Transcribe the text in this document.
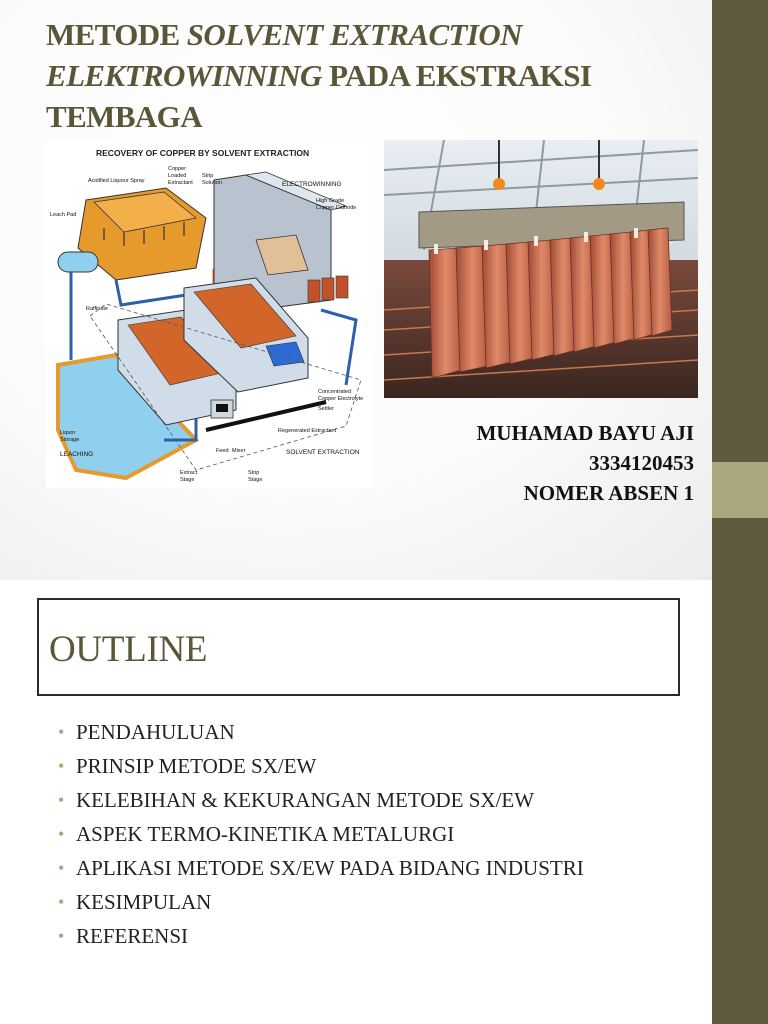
METODE SOLVENT EXTRACTION ELEKTROWINNING PADA EKSTRAKSI TEMBAGA
RECOVERY OF COPPER BY SOLVENT EXTRACTION
Acidified Liquour Spray
Copper
Loaded
Extractant
Strip
Solution	ELECTROWINNING
High Grade
Copper Cathode
Leach Pad
Raffinate
Concentrated
Copper Electrolyte
Settler
Regenerated Extractant
Liquor
Storage
LEACHING	Feed Mixer	SOLVENT EXTRACTION
Extract
Stage
Strip
Stage
MUHAMAD BAYU AJI
3334120453
NOMER ABSEN 1
OUTLINE
• PENDAHULUAN
• PRINSIP METODE SX/EW
• KELEBIHAN & KEKURANGAN METODE SX/EW
• ASPEK TERMO-KINETIKA METALURGI
• APLIKASI METODE SX/EW PADA BIDANG INDUSTRI
• KESIMPULAN
• REFERENSI
